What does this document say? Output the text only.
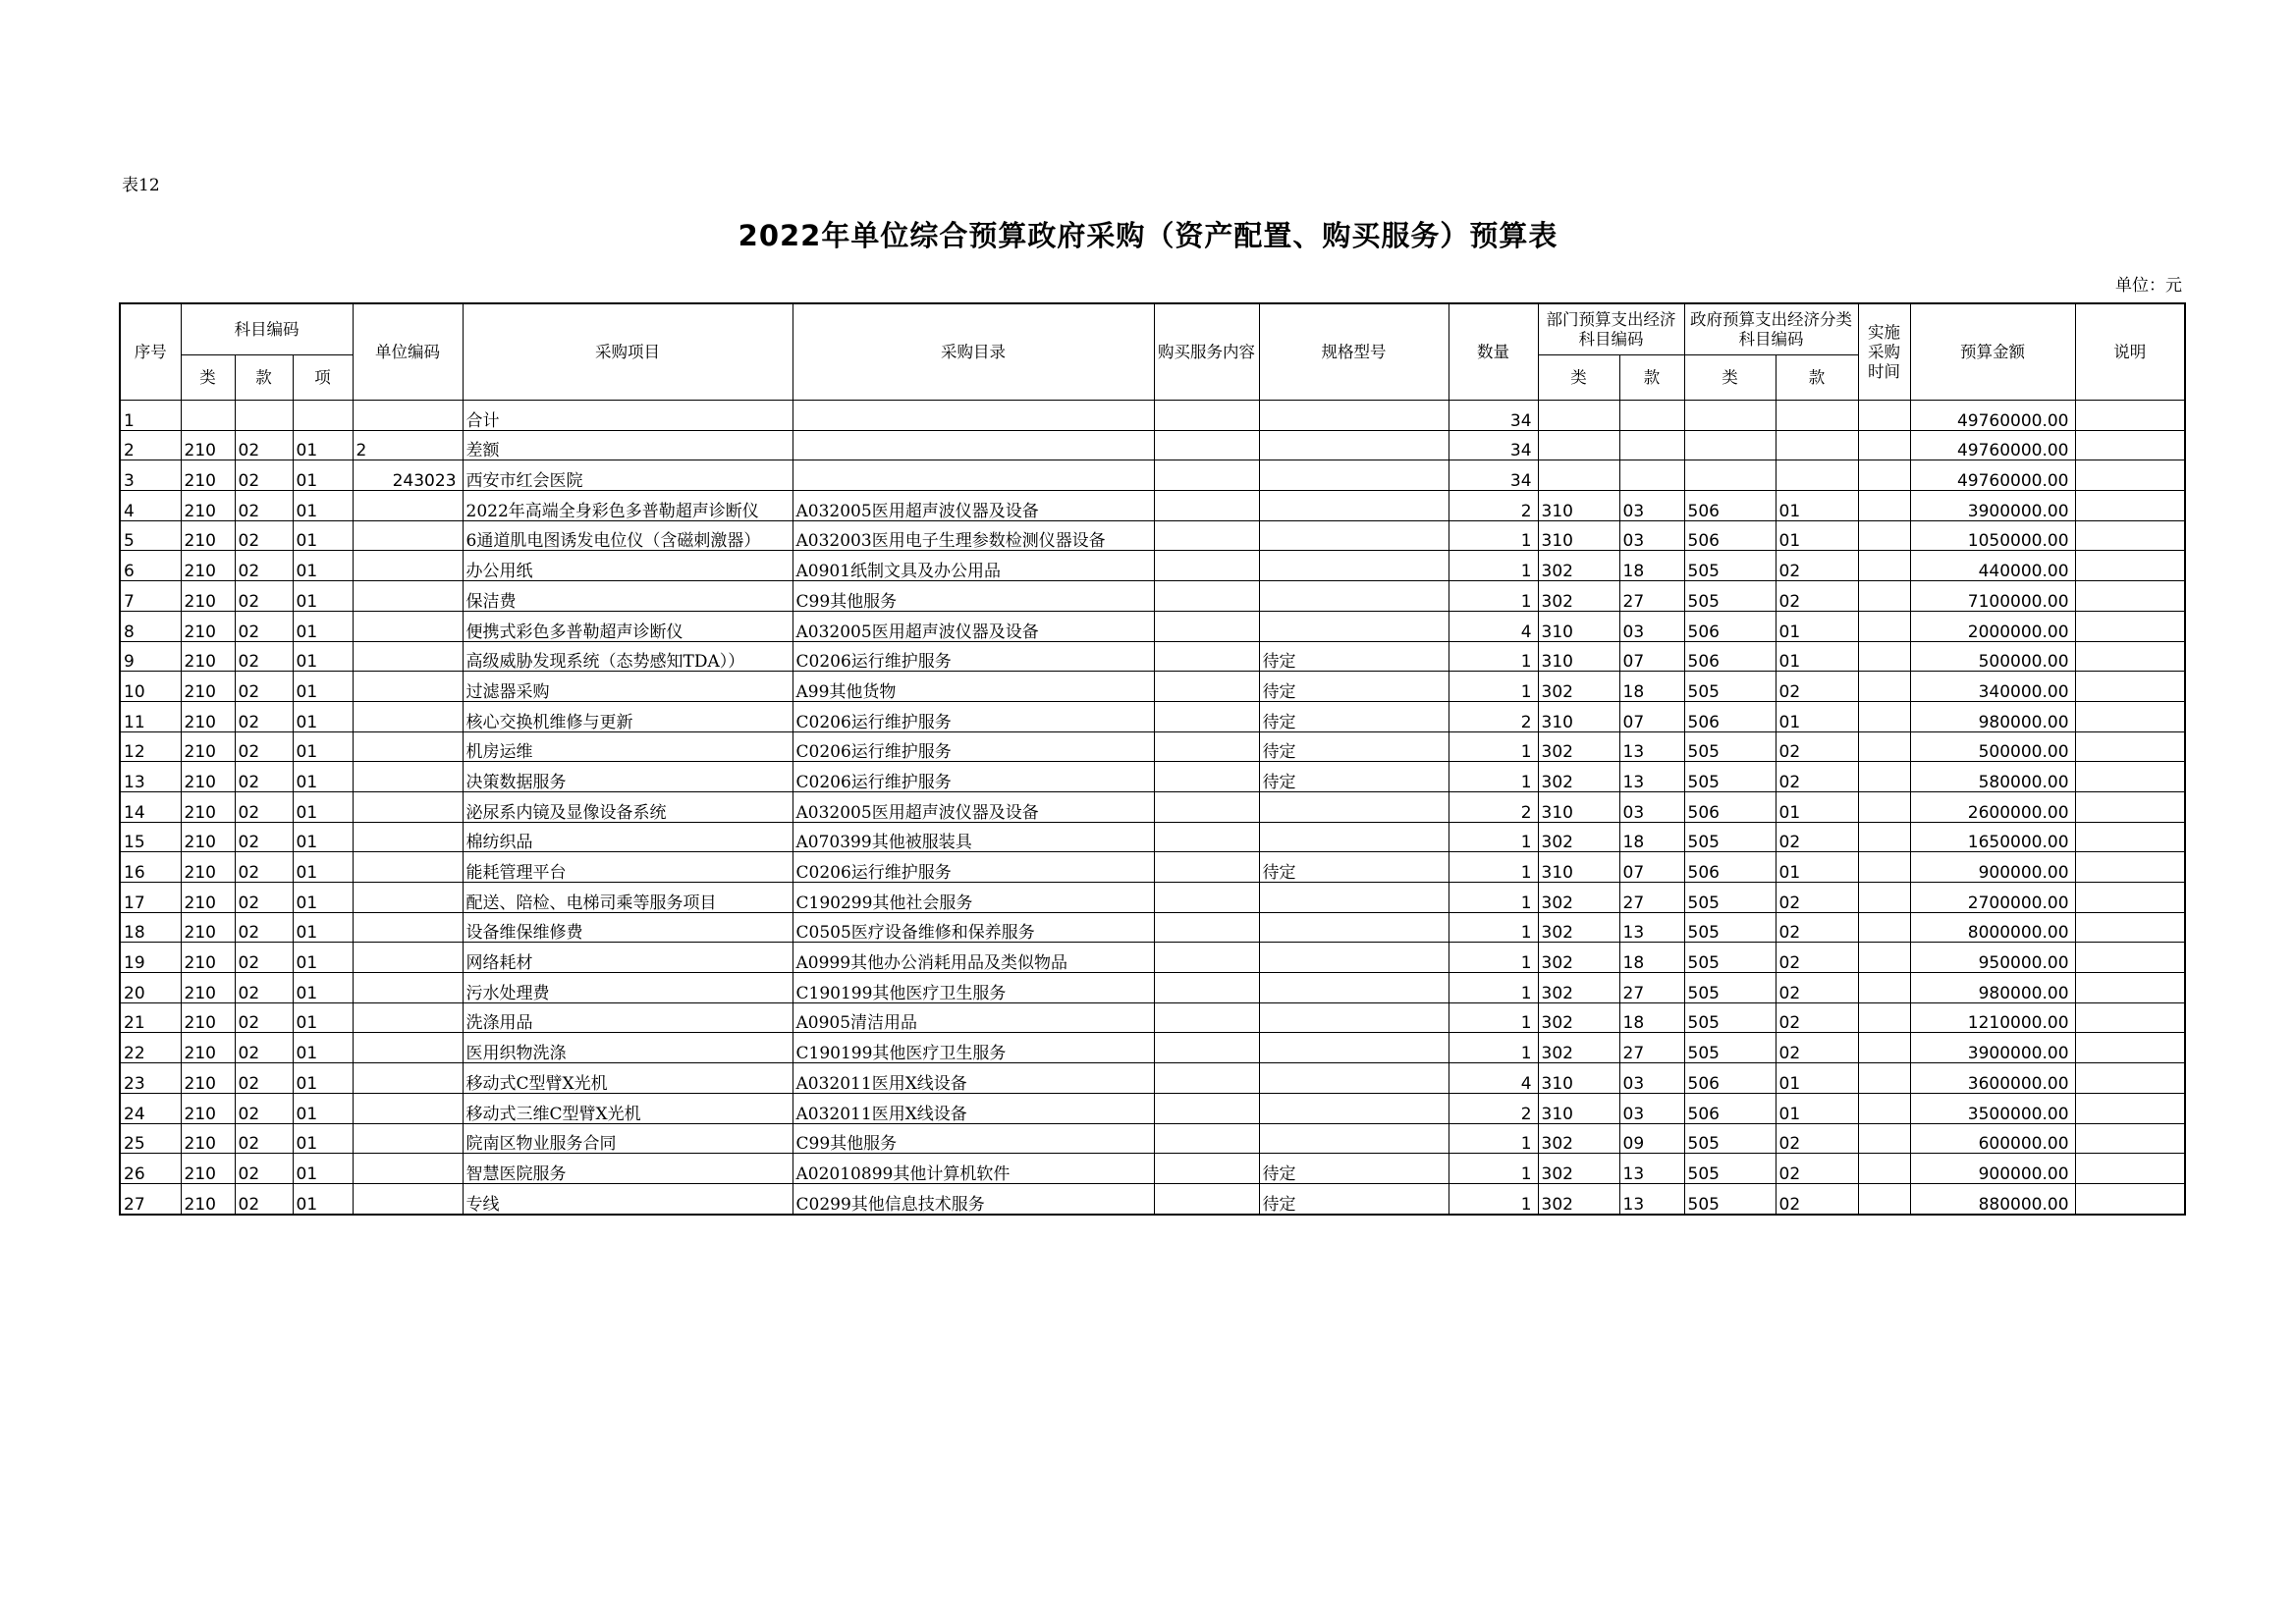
表12
2022年单位综合预算政府采购（资产配置、购买服务）预算表
单位：元
序号	科目编码			单位编码	采购项目	采购目录	购买服务内容	规格型号	数量	部门预算支出经济科目编码		政府预算支出经济分类科目编码		实施采购时间	预算金额	说明
	类	款	项							类	款	类	款			
1					合计				34						49760000.00	
2	210	02	01	2	差额				34						49760000.00	
3	210	02	01	243023	西安市红会医院				34						49760000.00	
4	210	02	01		2022年高端全身彩色多普勒超声诊断仪	A032005医用超声波仪器及设备			2	310	03	506	01		3900000.00	
5	210	02	01		6通道肌电图诱发电位仪（含磁刺激器）	A032003医用电子生理参数检测仪器设备			1	310	03	506	01		1050000.00	
6	210	02	01		办公用纸	A0901纸制文具及办公用品			1	302	18	505	02		440000.00	
7	210	02	01		保洁费	C99其他服务			1	302	27	505	02		7100000.00	
8	210	02	01		便携式彩色多普勒超声诊断仪	A032005医用超声波仪器及设备			4	310	03	506	01		2000000.00	
9	210	02	01		高级威胁发现系统（态势感知TDA））	C0206运行维护服务		待定	1	310	07	506	01		500000.00	
10	210	02	01		过滤器采购	A99其他货物		待定	1	302	18	505	02		340000.00	
11	210	02	01		核心交换机维修与更新	C0206运行维护服务		待定	2	310	07	506	01		980000.00	
12	210	02	01		机房运维	C0206运行维护服务		待定	1	302	13	505	02		500000.00	
13	210	02	01		决策数据服务	C0206运行维护服务		待定	1	302	13	505	02		580000.00	
14	210	02	01		泌尿系内镜及显像设备系统	A032005医用超声波仪器及设备			2	310	03	506	01		2600000.00	
15	210	02	01		棉纺织品	A070399其他被服装具			1	302	18	505	02		1650000.00	
16	210	02	01		能耗管理平台	C0206运行维护服务		待定	1	310	07	506	01		900000.00	
17	210	02	01		配送、陪检、电梯司乘等服务项目	C190299其他社会服务			1	302	27	505	02		2700000.00	
18	210	02	01		设备维保维修费	C0505医疗设备维修和保养服务			1	302	13	505	02		8000000.00	
19	210	02	01		网络耗材	A0999其他办公消耗用品及类似物品			1	302	18	505	02		950000.00	
20	210	02	01		污水处理费	C190199其他医疗卫生服务			1	302	27	505	02		980000.00	
21	210	02	01		洗涤用品	A0905清洁用品			1	302	18	505	02		1210000.00	
22	210	02	01		医用织物洗涤	C190199其他医疗卫生服务			1	302	27	505	02		3900000.00	
23	210	02	01		移动式C型臂X光机	A032011医用X线设备			4	310	03	506	01		3600000.00	
24	210	02	01		移动式三维C型臂X光机	A032011医用X线设备			2	310	03	506	01		3500000.00	
25	210	02	01		院南区物业服务合同	C99其他服务			1	302	09	505	02		600000.00	
26	210	02	01		智慧医院服务	A02010899其他计算机软件		待定	1	302	13	505	02		900000.00	
27	210	02	01		专线	C0299其他信息技术服务		待定	1	302	13	505	02		880000.00	
